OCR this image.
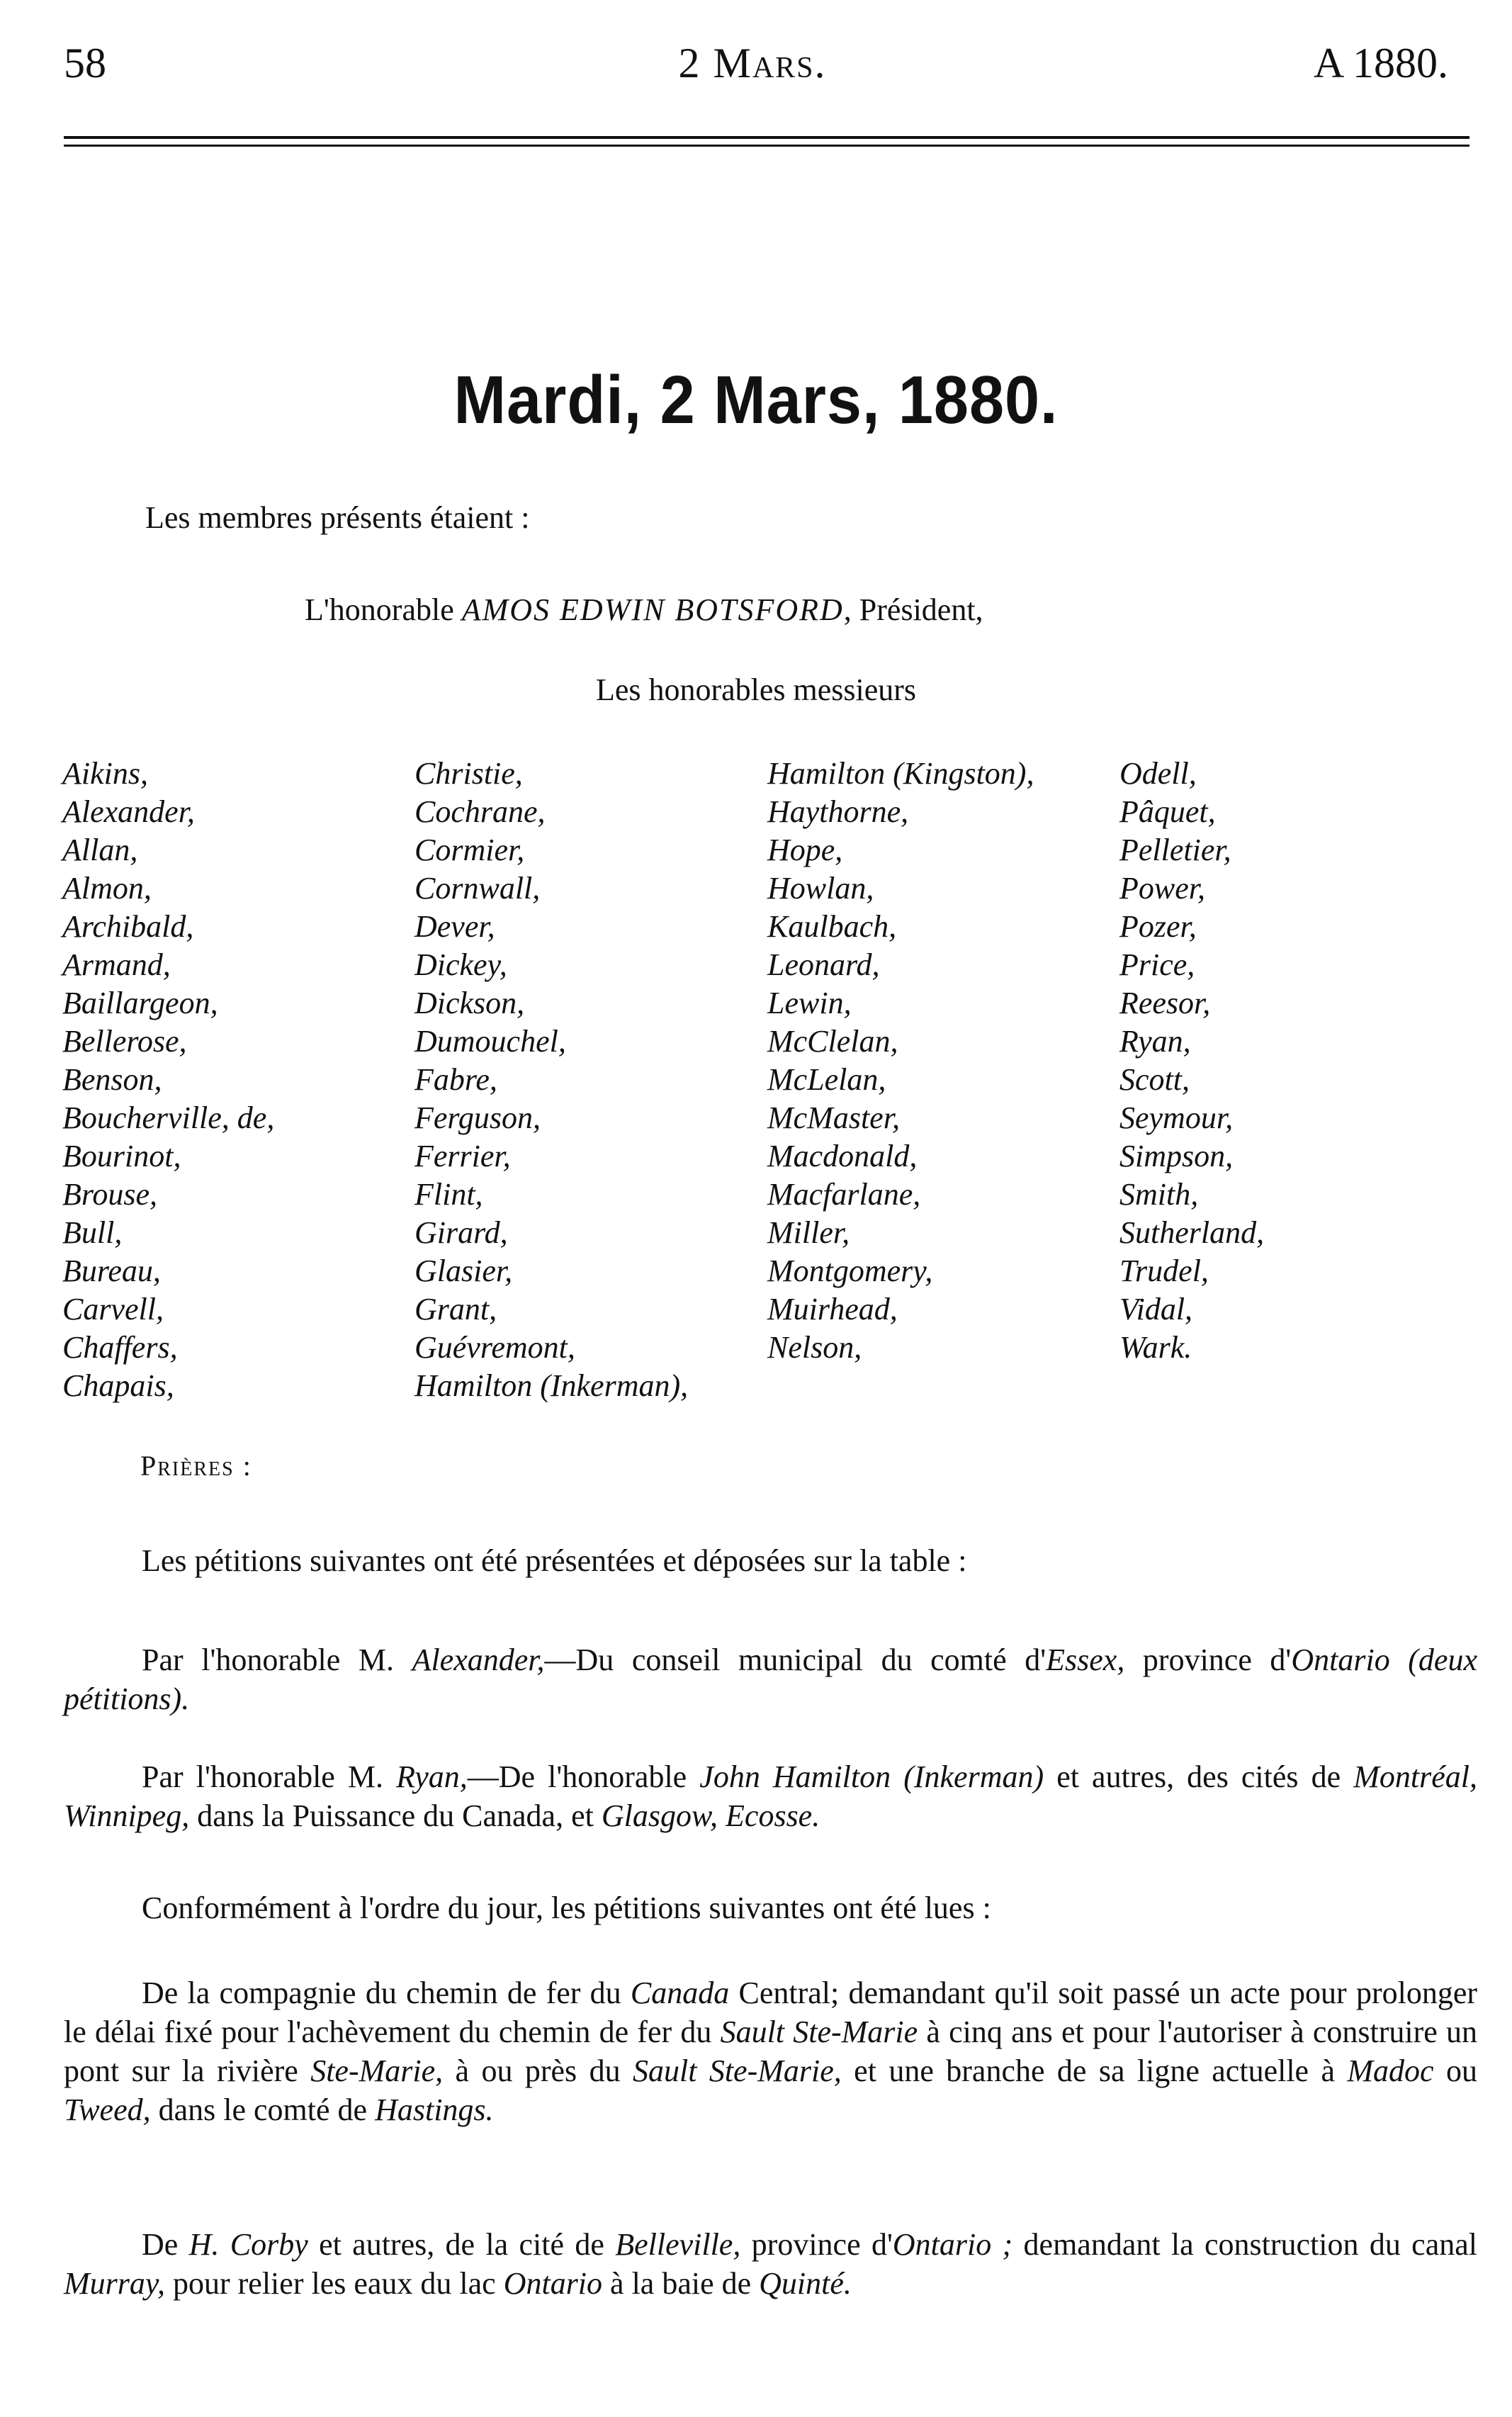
58	2 Mars.	A 1880.
Mardi, 2 Mars, 1880.
Les membres présents étaient :
L'honorable AMOS EDWIN BOTSFORD, Président,
Les honorables messieurs
Aikins,
Alexander,
Allan,
Almon,
Archibald,
Armand,
Baillargeon,
Bellerose,
Benson,
Boucherville, de,
Bourinot,
Brouse,
Bull,
Bureau,
Carvell,
Chaffers,
Chapais,
Christie,
Cochrane,
Cormier,
Cornwall,
Dever,
Dickey,
Dickson,
Dumouchel,
Fabre,
Ferguson,
Ferrier,
Flint,
Girard,
Glasier,
Grant,
Guévremont,
Hamilton (Inkerman),
Hamilton (Kingston),
Haythorne,
Hope,
Howlan,
Kaulbach,
Leonard,
Lewin,
McClelan,
McLelan,
McMaster,
Macdonald,
Macfarlane,
Miller,
Montgomery,
Muirhead,
Nelson,
Odell,
Pâquet,
Pelletier,
Power,
Pozer,
Price,
Reesor,
Ryan,
Scott,
Seymour,
Simpson,
Smith,
Sutherland,
Trudel,
Vidal,
Wark.
Prières :
Les pétitions suivantes ont été présentées et déposées sur la table :
Par l'honorable M. Alexander,—Du conseil municipal du comté d'Essex, province d'Ontario (deux pétitions).
Par l'honorable M. Ryan,—De l'honorable John Hamilton (Inkerman) et autres, des cités de Montréal, Winnipeg, dans la Puissance du Canada, et Glasgow, Ecosse.
Conformément à l'ordre du jour, les pétitions suivantes ont été lues :
De la compagnie du chemin de fer du Canada Central; demandant qu'il soit passé un acte pour prolonger le délai fixé pour l'achèvement du chemin de fer du Sault Ste-Marie à cinq ans et pour l'autoriser à construire un pont sur la rivière Ste-Marie, à ou près du Sault Ste-Marie, et une branche de sa ligne actuelle à Madoc ou Tweed, dans le comté de Hastings.
De H. Corby et autres, de la cité de Belleville, province d'Ontario ; demandant la construction du canal Murray, pour relier les eaux du lac Ontario à la baie de Quinté.
